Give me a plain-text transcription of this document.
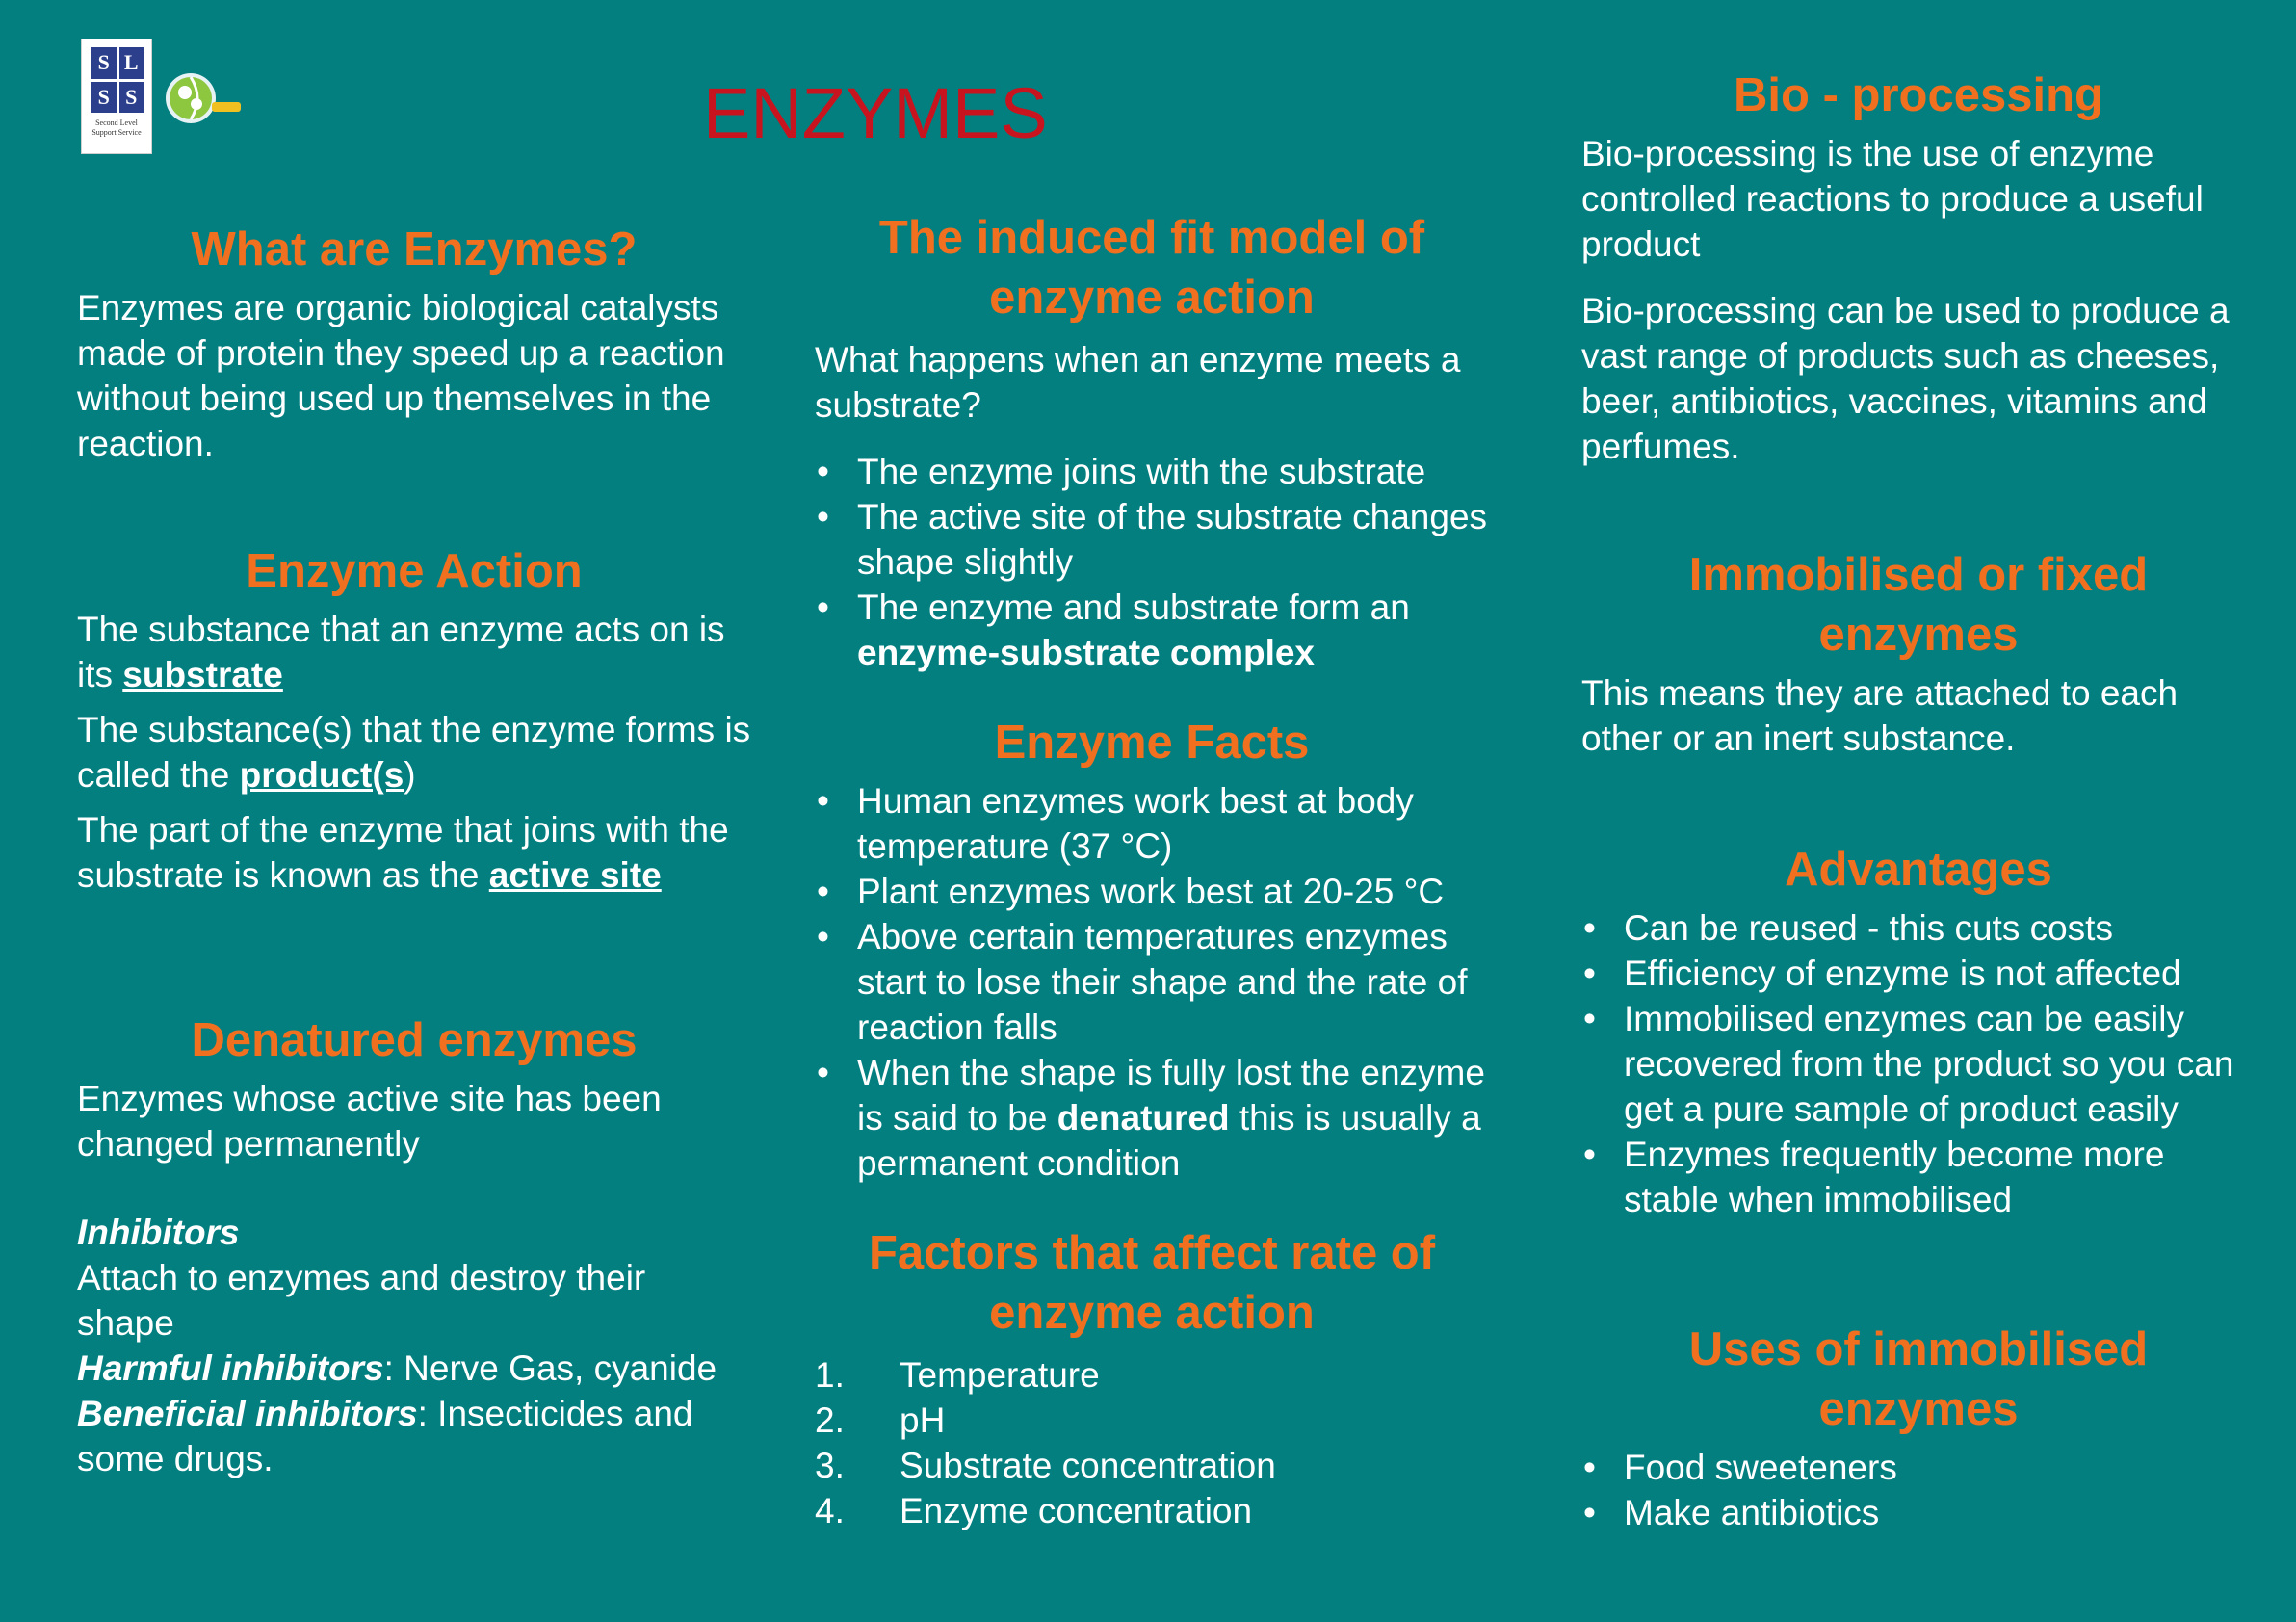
S L
S S
Second Level Support Service	ENZYMES
What are Enzymes?

Enzymes are organic biological catalysts made of protein they speed up a reaction without being used up themselves in the reaction.

Enzyme Action

The substance that an enzyme acts on is its substrate

The substance(s) that the enzyme forms is called the product(s)

The part of the enzyme that joins with the substrate is known as the active site

Denatured enzymes

Enzymes whose active site has been changed permanently

Inhibitors

Attach to enzymes and destroy their shape

Harmful inhibitors: Nerve Gas, cyanide

Beneficial inhibitors: Insecticides and some drugs.

The induced fit model of enzyme action

What happens when an enzyme meets a substrate?

• The enzyme joins with the substrate
• The active site of the substrate changes shape slightly
• The enzyme and substrate form an enzyme-substrate complex
Enzyme Facts
• Human enzymes work best at body temperature (37 °C)
• Plant enzymes work best at 20-25 °C
• Above certain temperatures enzymes start to lose their shape and the rate of reaction falls
• When the shape is fully lost the enzyme is said to be denatured this is usually a permanent condition
Factors that affect rate of enzyme action
1. Temperature
2. pH
3. Substrate concentration
4. Enzyme concentration
Bio - processing

Bio-processing is the use of enzyme controlled reactions to produce a useful product

Bio-processing can be used to produce a vast range of products such as cheeses, beer, antibiotics, vaccines, vitamins and perfumes.

Immobilised or fixed enzymes

This means they are attached to each other or an inert substance.

Advantages
• Can be reused - this cuts costs
• Efficiency of enzyme is not affected
• Immobilised enzymes can be easily recovered from the product so you can get a pure sample of product easily
• Enzymes frequently become more stable when immobilised
Uses of immobilised enzymes
• Food sweeteners
• Make antibiotics
